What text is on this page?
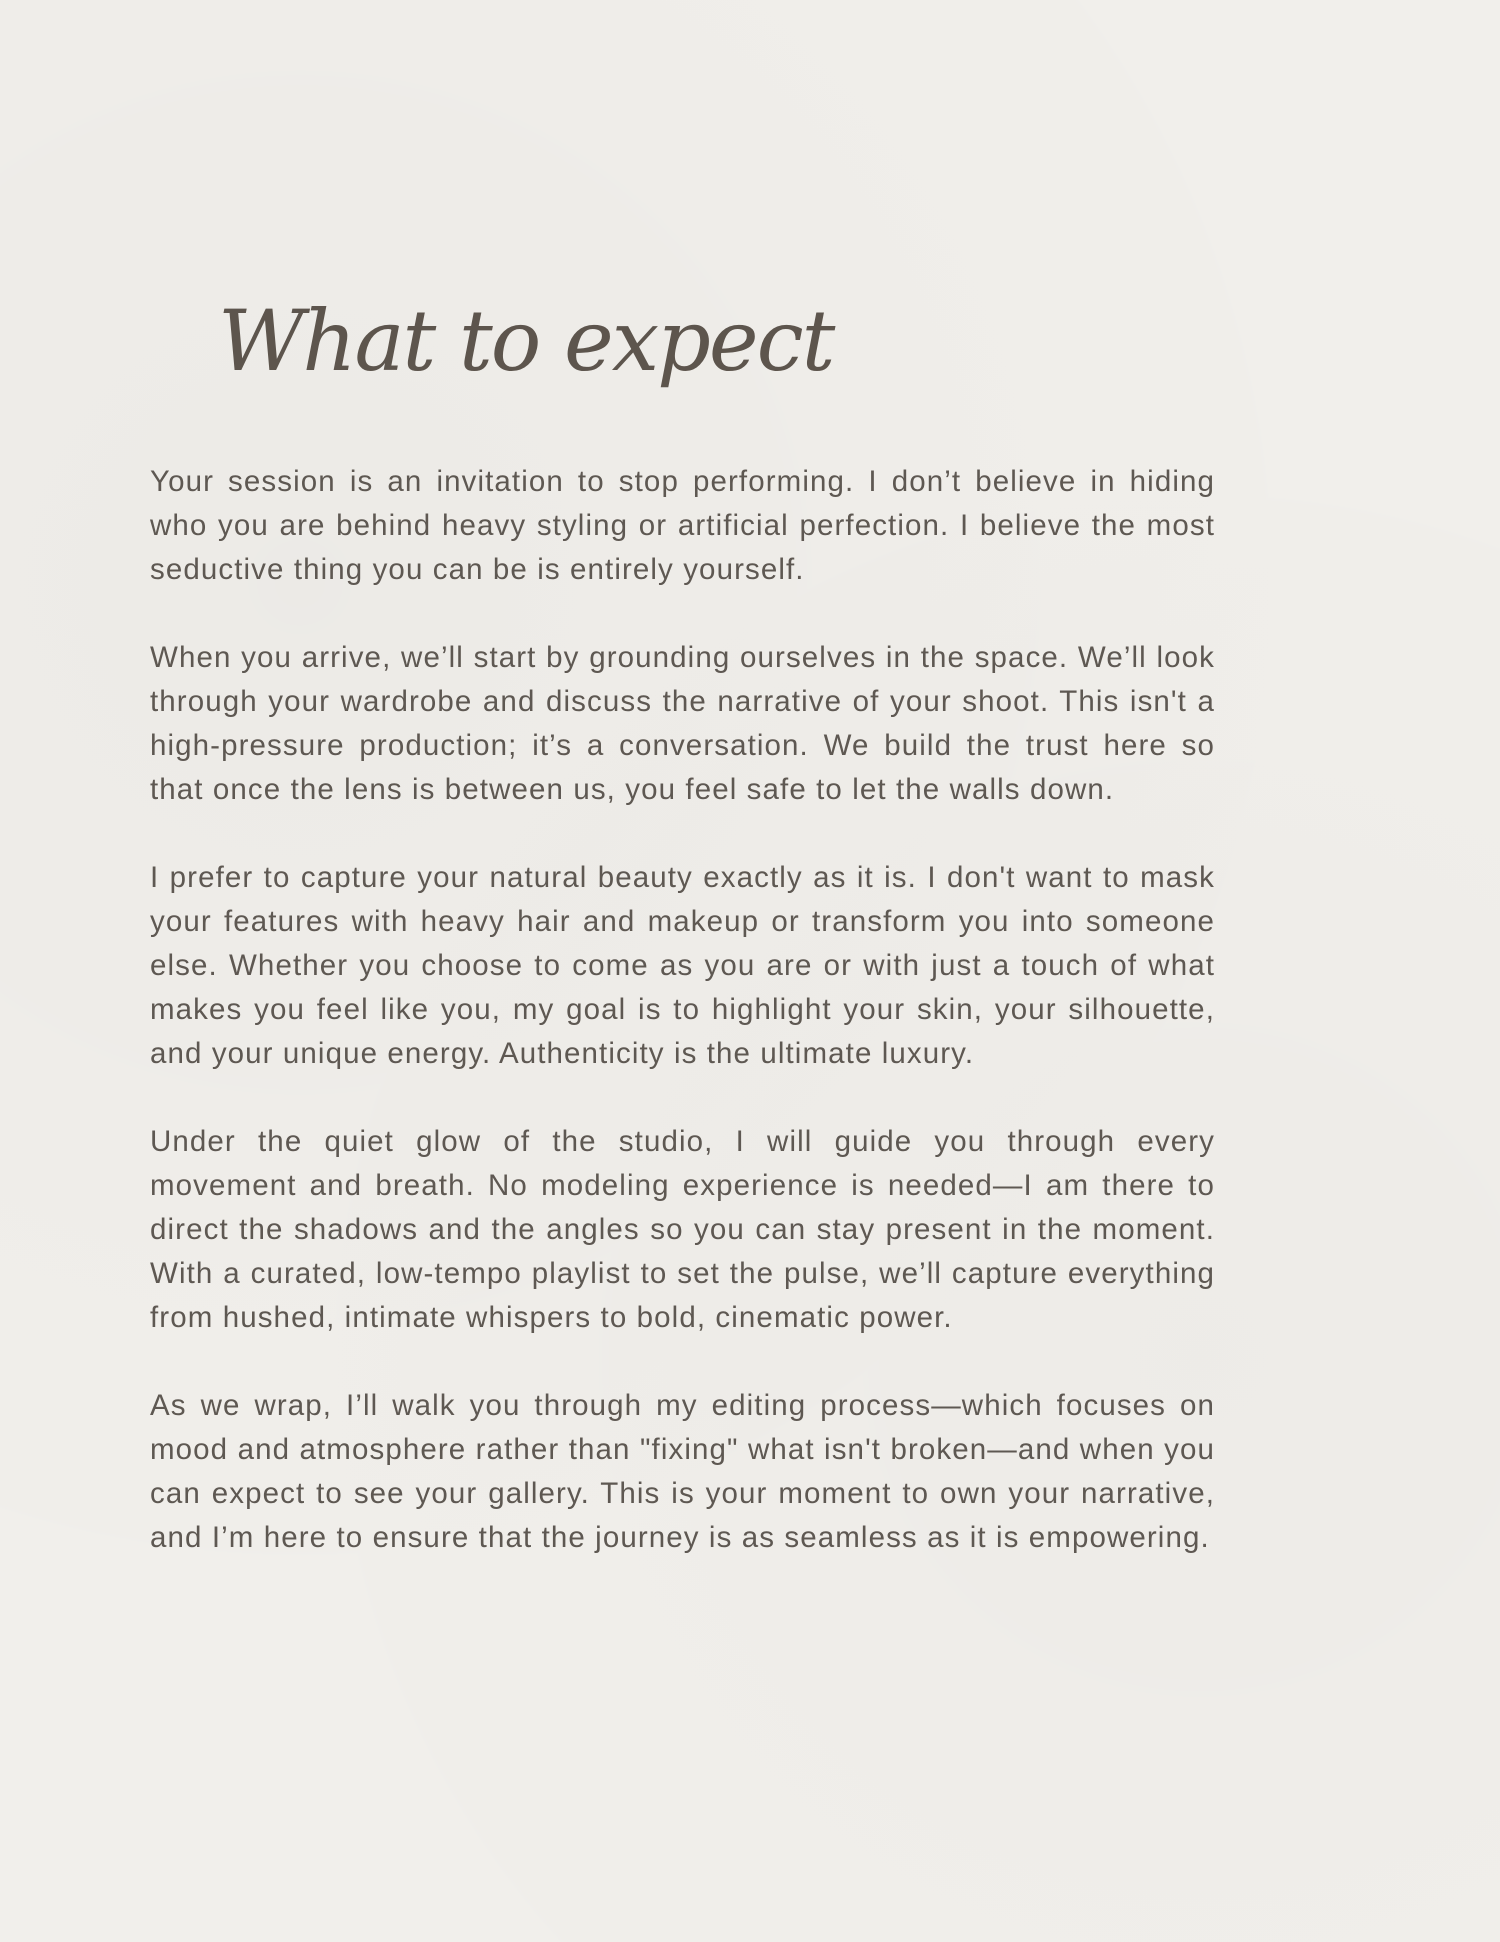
What to expect

Your session is an invitation to stop performing. I don’t believe in hiding who you are behind heavy styling or artificial perfection. I believe the most seductive thing you can be is entirely yourself.

When you arrive, we’ll start by grounding ourselves in the space. We’ll look through your wardrobe and discuss the narrative of your shoot. This isn't a high-pressure production; it’s a conversation. We build the trust here so that once the lens is between us, you feel safe to let the walls down.

I prefer to capture your natural beauty exactly as it is. I don't want to mask your features with heavy hair and makeup or transform you into someone else. Whether you choose to come as you are or with just a touch of what makes you feel like you, my goal is to highlight your skin, your silhouette, and your unique energy. Authenticity is the ultimate luxury.

Under the quiet glow of the studio, I will guide you through every movement and breath. No modeling experience is needed—I am there to direct the shadows and the angles so you can stay present in the moment. With a curated, low-tempo playlist to set the pulse, we’ll capture everything from hushed, intimate whispers to bold, cinematic power.

As we wrap, I’ll walk you through my editing process—which focuses on mood and atmosphere rather than "fixing" what isn't broken—and when you can expect to see your gallery. This is your moment to own your narrative, and I’m here to ensure that the journey is as seamless as it is empowering.
